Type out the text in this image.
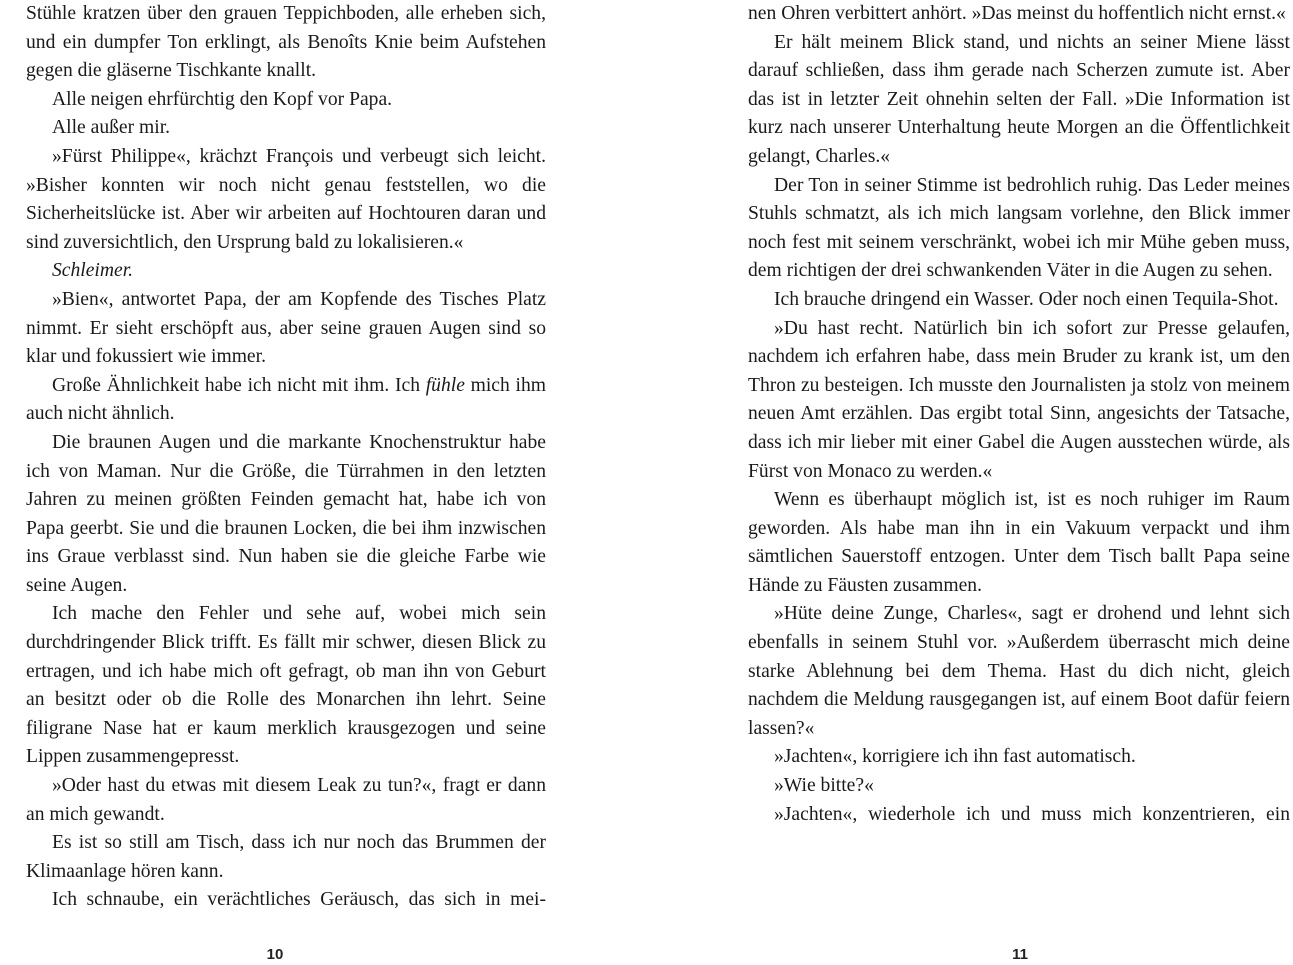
Stühle kratzen über den grauen Teppichboden, alle erheben sich, und ein dumpfer Ton erklingt, als Benoîts Knie beim Aufstehen gegen die gläserne Tischkante knallt.

Alle neigen ehrfürchtig den Kopf vor Papa.

Alle außer mir.

»Fürst Philippe«, krächzt François und verbeugt sich leicht. »Bisher konnten wir noch nicht genau feststellen, wo die Sicherheitslücke ist. Aber wir arbeiten auf Hochtouren daran und sind zuversichtlich, den Ursprung bald zu lokalisieren.«

Schleimer.

»Bien«, antwortet Papa, der am Kopfende des Tisches Platz nimmt. Er sieht erschöpft aus, aber seine grauen Augen sind so klar und fokussiert wie immer.

Große Ähnlichkeit habe ich nicht mit ihm. Ich fühle mich ihm auch nicht ähnlich.

Die braunen Augen und die markante Knochenstruktur habe ich von Maman. Nur die Größe, die Türrahmen in den letzten Jahren zu meinen größten Feinden gemacht hat, habe ich von Papa geerbt. Sie und die braunen Locken, die bei ihm inzwischen ins Graue verblasst sind. Nun haben sie die gleiche Farbe wie seine Augen.

Ich mache den Fehler und sehe auf, wobei mich sein durchdringender Blick trifft. Es fällt mir schwer, diesen Blick zu ertragen, und ich habe mich oft gefragt, ob man ihn von Geburt an besitzt oder ob die Rolle des Monarchen ihn lehrt. Seine filigrane Nase hat er kaum merklich krausgezogen und seine Lippen zusammengepresst.

»Oder hast du etwas mit diesem Leak zu tun?«, fragt er dann an mich gewandt.

Es ist so still am Tisch, dass ich nur noch das Brummen der Klimaanlage hören kann.

Ich schnaube, ein verächtliches Geräusch, das sich in mei-

10

nen Ohren verbittert anhört. »Das meinst du hoffentlich nicht ernst.«

Er hält meinem Blick stand, und nichts an seiner Miene lässt darauf schließen, dass ihm gerade nach Scherzen zumute ist. Aber das ist in letzter Zeit ohnehin selten der Fall. »Die Information ist kurz nach unserer Unterhaltung heute Morgen an die Öffentlichkeit gelangt, Charles.«

Der Ton in seiner Stimme ist bedrohlich ruhig. Das Leder meines Stuhls schmatzt, als ich mich langsam vorlehne, den Blick immer noch fest mit seinem verschränkt, wobei ich mir Mühe geben muss, dem richtigen der drei schwankenden Väter in die Augen zu sehen.

Ich brauche dringend ein Wasser. Oder noch einen Tequila-Shot.

»Du hast recht. Natürlich bin ich sofort zur Presse gelaufen, nachdem ich erfahren habe, dass mein Bruder zu krank ist, um den Thron zu besteigen. Ich musste den Journalisten ja stolz von meinem neuen Amt erzählen. Das ergibt total Sinn, angesichts der Tatsache, dass ich mir lieber mit einer Gabel die Augen ausstechen würde, als Fürst von Monaco zu werden.«

Wenn es überhaupt möglich ist, ist es noch ruhiger im Raum geworden. Als habe man ihn in ein Vakuum verpackt und ihm sämtlichen Sauerstoff entzogen. Unter dem Tisch ballt Papa seine Hände zu Fäusten zusammen.

»Hüte deine Zunge, Charles«, sagt er drohend und lehnt sich ebenfalls in seinem Stuhl vor. »Außerdem überrascht mich deine starke Ablehnung bei dem Thema. Hast du dich nicht, gleich nachdem die Meldung rausgegangen ist, auf einem Boot dafür feiern lassen?«

»Jachten«, korrigiere ich ihn fast automatisch.

»Wie bitte?«

»Jachten«, wiederhole ich und muss mich konzentrieren, ein

11
